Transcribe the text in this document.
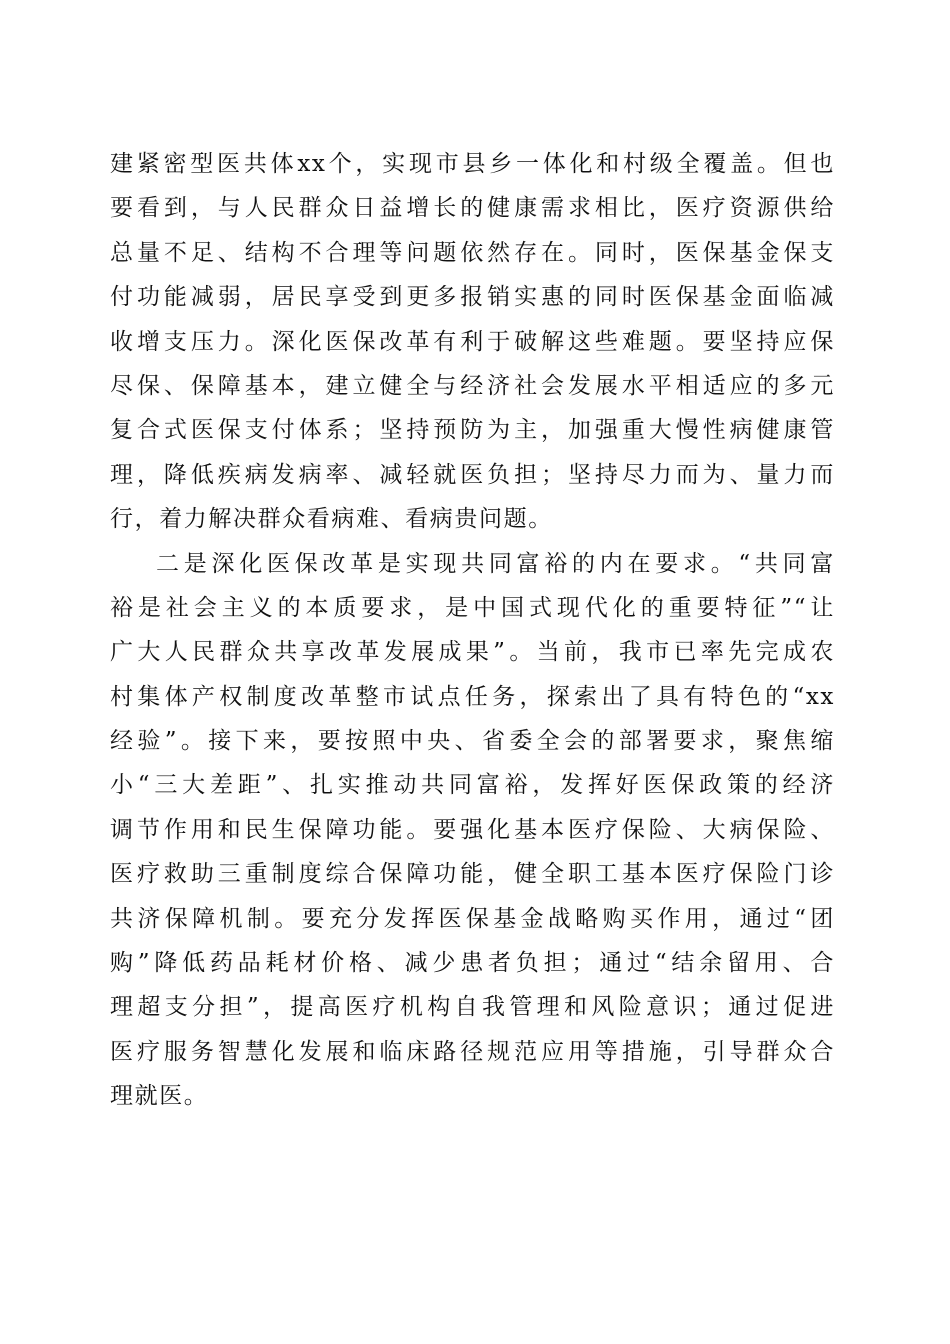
建紧密型医共体xx个，实现市县乡一体化和村级全覆盖。但也
要看到，与人民群众日益增长的健康需求相比，医疗资源供给
总量不足、结构不合理等问题依然存在。同时，医保基金保支
付功能减弱，居民享受到更多报销实惠的同时医保基金面临减
收增支压力。深化医保改革有利于破解这些难题。要坚持应保
尽保、保障基本，建立健全与经济社会发展水平相适应的多元
复合式医保支付体系；坚持预防为主，加强重大慢性病健康管
理，降低疾病发病率、减轻就医负担；坚持尽力而为、量力而
行，着力解决群众看病难、看病贵问题。
二是深化医保改革是实现共同富裕的内在要求。“共同富
裕是社会主义的本质要求，是中国式现代化的重要特征”“让
广大人民群众共享改革发展成果”。当前，我市已率先完成农
村集体产权制度改革整市试点任务，探索出了具有特色的“xx
经验”。接下来，要按照中央、省委全会的部署要求，聚焦缩
小“三大差距”、扎实推动共同富裕，发挥好医保政策的经济
调节作用和民生保障功能。要强化基本医疗保险、大病保险、
医疗救助三重制度综合保障功能，健全职工基本医疗保险门诊
共济保障机制。要充分发挥医保基金战略购买作用，通过“团
购”降低药品耗材价格、减少患者负担；通过“结余留用、合
理超支分担”，提高医疗机构自我管理和风险意识；通过促进
医疗服务智慧化发展和临床路径规范应用等措施，引导群众合
理就医。
